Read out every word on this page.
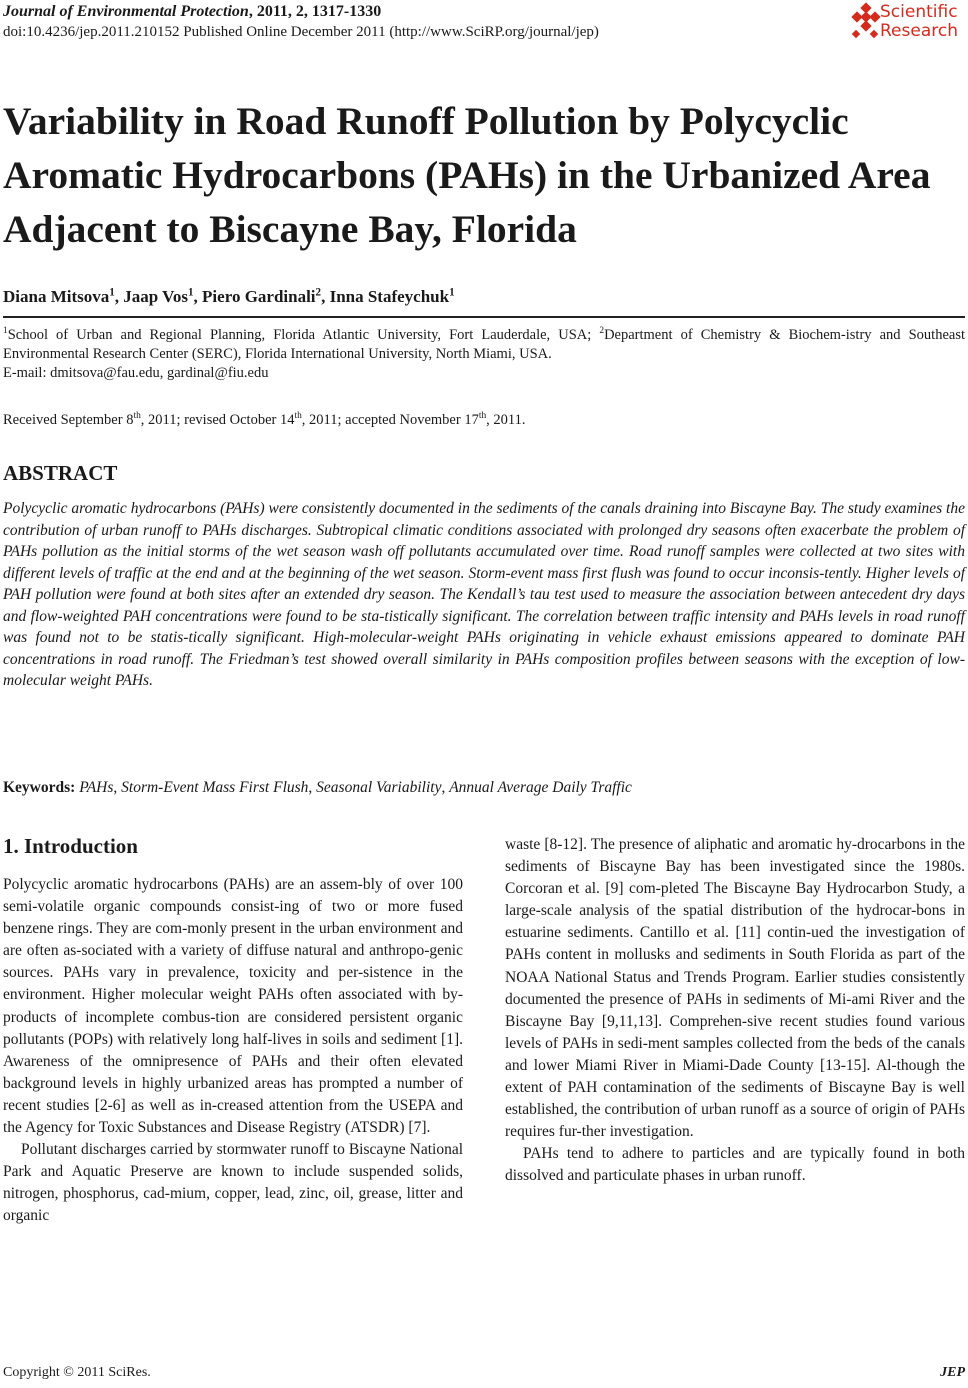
Journal of Environmental Protection, 2011, 2, 1317-1330
doi:10.4236/jep.2011.210152 Published Online December 2011 (http://www.SciRP.org/journal/jep)
Scientific
Research
Variability in Road Runoff Pollution by Polycyclic Aromatic Hydrocarbons (PAHs) in the Urbanized Area Adjacent to Biscayne Bay, Florida
Diana Mitsova$^1$, Jaap Vos$^1$, Piero Gardinali$^2$, Inna Stafeychuk$^1$
$^1$School of Urban and Regional Planning, Florida Atlantic University, Fort Lauderdale, USA; $^2$Department of Chemistry & Biochem-istry and Southeast Environmental Research Center (SERC), Florida International University, North Miami, USA.
E-mail: dmitsova@fau.edu, gardinal@fiu.edu
Received September 8th, 2011; revised October 14th, 2011; accepted November 17th, 2011.
ABSTRACT

Polycyclic aromatic hydrocarbons (PAHs) were consistently documented in the sediments of the canals draining into Biscayne Bay. The study examines the contribution of urban runoff to PAHs discharges. Subtropical climatic conditions associated with prolonged dry seasons often exacerbate the problem of PAHs pollution as the initial storms of the wet season wash off pollutants accumulated over time. Road runoff samples were collected at two sites with different levels of traffic at the end and at the beginning of the wet season. Storm-event mass first flush was found to occur inconsis-tently. Higher levels of PAH pollution were found at both sites after an extended dry season. The Kendall’s tau test used to measure the association between antecedent dry days and flow-weighted PAH concentrations were found to be sta-tistically significant. The correlation between traffic intensity and PAHs levels in road runoff was found not to be statis-tically significant. High-molecular-weight PAHs originating in vehicle exhaust emissions appeared to dominate PAH concentrations in road runoff. The Friedman’s test showed overall similarity in PAHs composition profiles between seasons with the exception of low-molecular weight PAHs.

Keywords: PAHs, Storm-Event Mass First Flush, Seasonal Variability, Annual Average Daily Traffic
1. Introduction

Polycyclic aromatic hydrocarbons (PAHs) are an assem-bly of over 100 semi-volatile organic compounds consist-ing of two or more fused benzene rings. They are com-monly present in the urban environment and are often as-sociated with a variety of diffuse natural and anthropo-genic sources. PAHs vary in prevalence, toxicity and per-sistence in the environment. Higher molecular weight PAHs often associated with by-products of incomplete combus-tion are considered persistent organic pollutants (POPs) with relatively long half-lives in soils and sediment [1]. Awareness of the omnipresence of PAHs and their often elevated background levels in highly urbanized areas has prompted a number of recent studies [2-6] as well as in-creased attention from the USEPA and the Agency for Toxic Substances and Disease Registry (ATSDR) [7].

Pollutant discharges carried by stormwater runoff to Biscayne National Park and Aquatic Preserve are known to include suspended solids, nitrogen, phosphorus, cad-mium, copper, lead, zinc, oil, grease, litter and organic

waste [8-12]. The presence of aliphatic and aromatic hy-drocarbons in the sediments of Biscayne Bay has been investigated since the 1980s. Corcoran et al. [9] com-pleted The Biscayne Bay Hydrocarbon Study, a large-scale analysis of the spatial distribution of the hydrocar-bons in estuarine sediments. Cantillo et al. [11] contin-ued the investigation of PAHs content in mollusks and sediments in South Florida as part of the NOAA National Status and Trends Program. Earlier studies consistently documented the presence of PAHs in sediments of Mi-ami River and the Biscayne Bay [9,11,13]. Comprehen-sive recent studies found various levels of PAHs in sedi-ment samples collected from the beds of the canals and lower Miami River in Miami-Dade County [13-15]. Al-though the extent of PAH contamination of the sediments of Biscayne Bay is well established, the contribution of urban runoff as a source of origin of PAHs requires fur-ther investigation.

PAHs tend to adhere to particles and are typically found in both dissolved and particulate phases in urban runoff.

Copyright © 2011 SciRes.	JEP
